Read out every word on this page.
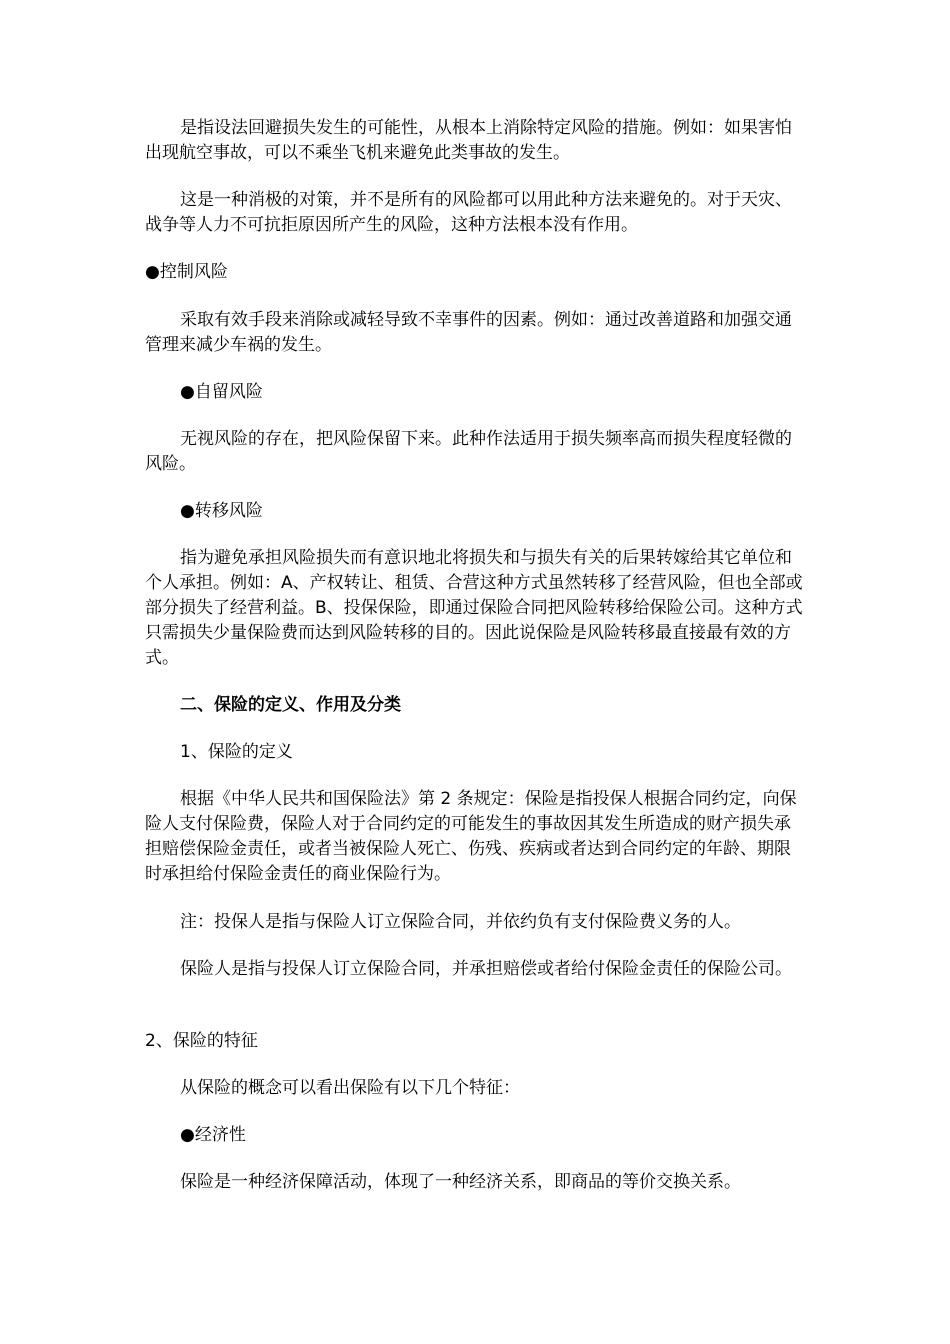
是指设法回避损失发生的可能性，从根本上消除特定风险的措施。例如：如果害怕出现航空事故，可以不乘坐飞机来避免此类事故的发生。

这是一种消极的对策，并不是所有的风险都可以用此种方法来避免的。对于天灾、战争等人力不可抗拒原因所产生的风险，这种方法根本没有作用。

●控制风险

采取有效手段来消除或减轻导致不幸事件的因素。例如：通过改善道路和加强交通管理来减少车祸的发生。

●自留风险

无视风险的存在，把风险保留下来。此种作法适用于损失频率高而损失程度轻微的风险。

●转移风险

指为避免承担风险损失而有意识地北将损失和与损失有关的后果转嫁给其它单位和个人承担。例如：A、产权转让、租赁、合营这种方式虽然转移了经营风险，但也全部或部分损失了经营利益。B、投保保险，即通过保险合同把风险转移给保险公司。这种方式只需损失少量保险费而达到风险转移的目的。因此说保险是风险转移最直接最有效的方式。

二、保险的定义、作用及分类

1、保险的定义

根据《中华人民共和国保险法》第 2 条规定：保险是指投保人根据合同约定，向保险人支付保险费，保险人对于合同约定的可能发生的事故因其发生所造成的财产损失承担赔偿保险金责任，或者当被保险人死亡、伤残、疾病或者达到合同约定的年龄、期限时承担给付保险金责任的商业保险行为。

注：投保人是指与保险人订立保险合同，并依约负有支付保险费义务的人。

保险人是指与投保人订立保险合同，并承担赔偿或者给付保险金责任的保险公司。

2、保险的特征

从保险的概念可以看出保险有以下几个特征：

●经济性

保险是一种经济保障活动，体现了一种经济关系，即商品的等价交换关系。
